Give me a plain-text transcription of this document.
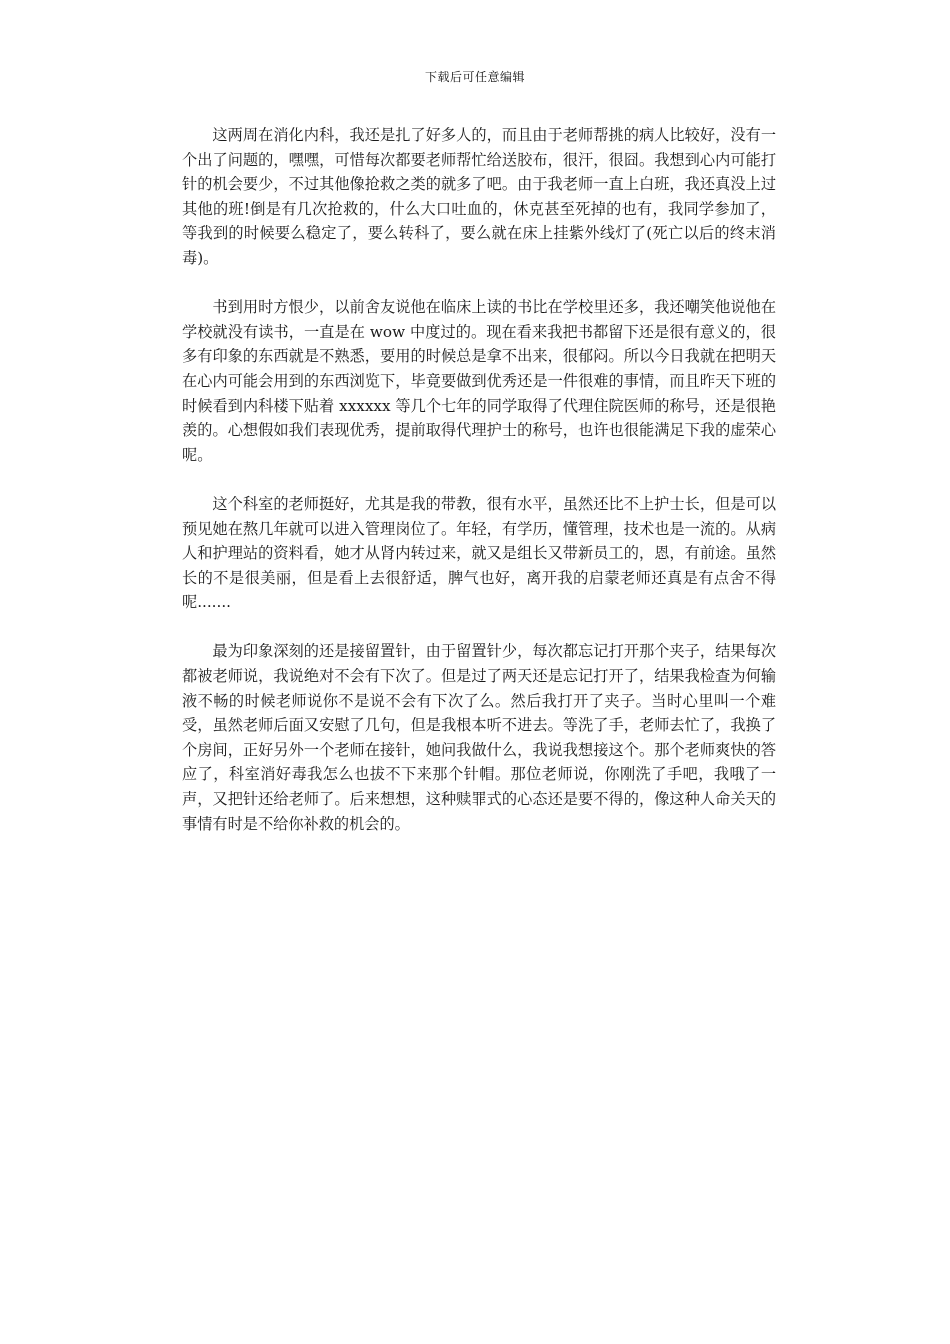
下载后可任意编辑

这两周在消化内科，我还是扎了好多人的，而且由于老师帮挑的病人比较好，没有一个出了问题的，嘿嘿，可惜每次都要老师帮忙给送胶布，很汗，很囧。我想到心内可能打针的机会要少，不过其他像抢救之类的就多了吧。由于我老师一直上白班，我还真没上过其他的班!倒是有几次抢救的，什么大口吐血的，休克甚至死掉的也有，我同学参加了，等我到的时候要么稳定了，要么转科了，要么就在床上挂紫外线灯了(死亡以后的终末消毒)。

书到用时方恨少，以前舍友说他在临床上读的书比在学校里还多，我还嘲笑他说他在学校就没有读书，一直是在 wow 中度过的。现在看来我把书都留下还是很有意义的，很多有印象的东西就是不熟悉，要用的时候总是拿不出来，很郁闷。所以今日我就在把明天在心内可能会用到的东西浏览下，毕竟要做到优秀还是一件很难的事情，而且昨天下班的时候看到内科楼下贴着 xxxxxx 等几个七年的同学取得了代理住院医师的称号，还是很艳羡的。心想假如我们表现优秀，提前取得代理护士的称号，也许也很能满足下我的虚荣心呢。

这个科室的老师挺好，尤其是我的带教，很有水平，虽然还比不上护士长，但是可以预见她在熬几年就可以进入管理岗位了。年轻，有学历，懂管理，技术也是一流的。从病人和护理站的资料看，她才从肾内转过来，就又是组长又带新员工的，恩，有前途。虽然长的不是很美丽，但是看上去很舒适，脾气也好，离开我的启蒙老师还真是有点舍不得呢.......

最为印象深刻的还是接留置针，由于留置针少，每次都忘记打开那个夹子，结果每次都被老师说，我说绝对不会有下次了。但是过了两天还是忘记打开了，结果我检查为何输液不畅的时候老师说你不是说不会有下次了么。然后我打开了夹子。当时心里叫一个难受，虽然老师后面又安慰了几句，但是我根本听不进去。等洗了手，老师去忙了，我换了个房间，正好另外一个老师在接针，她问我做什么，我说我想接这个。那个老师爽快的答应了，科室消好毒我怎么也拔不下来那个针帽。那位老师说，你刚洗了手吧，我哦了一声，又把针还给老师了。后来想想，这种赎罪式的心态还是要不得的，像这种人命关天的事情有时是不给你补救的机会的。
